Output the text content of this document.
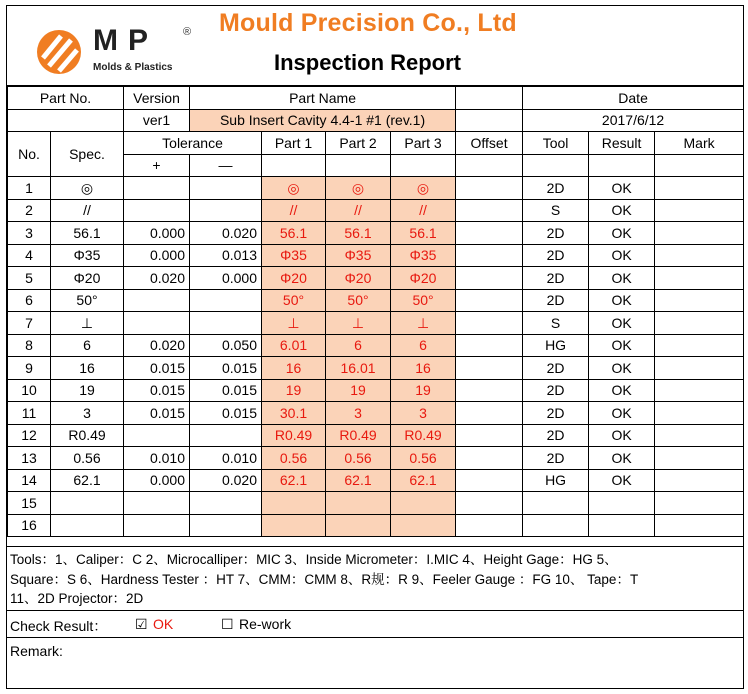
MP ®
Molds & Plastics
Mould Precision Co., Ltd
Inspection Report
Part No.		Version	Part Name					Date		
		ver1	Sub Insert Cavity 4.4-1 #1 (rev.1)					2017/6/12		
No.	Spec.	Tolerance		Part 1	Part 2	Part 3	Offset	Tool	Result	Mark
		+	—							
1	◎			◎	◎	◎		2D	OK	
2	//			//	//	//		S	OK	
3	56.1	0.000	0.020	56.1	56.1	56.1		2D	OK	
4	Φ35	0.000	0.013	Φ35	Φ35	Φ35		2D	OK	
5	Φ20	0.020	0.000	Φ20	Φ20	Φ20		2D	OK	
6	50°			50°	50°	50°		2D	OK	
7	⊥			⊥	⊥	⊥		S	OK	
8	6	0.020	0.050	6.01	6	6		HG	OK	
9	16	0.015	0.015	16	16.01	16		2D	OK	
10	19	0.015	0.015	19	19	19		2D	OK	
11	3	0.015	0.015	30.1	3	3		2D	OK	
12	R0.49			R0.49	R0.49	R0.49		2D	OK	
13	0.56	0.010	0.010	0.56	0.56	0.56		2D	OK	
14	62.1	0.000	0.020	62.1	62.1	62.1		HG	OK	
15										
16										

Tools：1、Caliper：C 2、Microcalliper：MIC 3、Inside Micrometer：I.MIC 4、Height Gage：HG 5、

Square：S 6、Hardness Tester ：HT 7、CMM：CMM 8、R规：R 9、Feeler Gauge ：FG 10、 Tape：T

11、2D Projector：2D

Check Result： ☑ OK	☐ Re-work
Remark:
